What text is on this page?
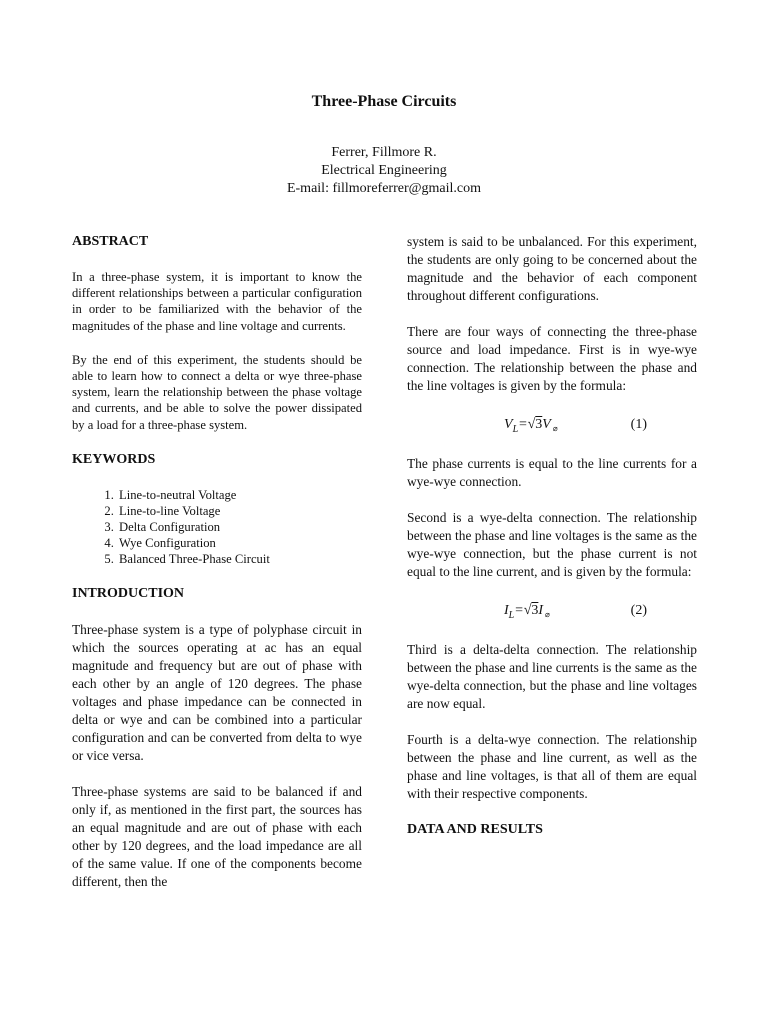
Three-Phase Circuits
Ferrer, Fillmore R.
Electrical Engineering
E-mail: fillmoreferrer@gmail.com
ABSTRACT

In a three-phase system, it is important to know the different relationships between a particular configuration in order to be familiarized with the behavior of the magnitudes of the phase and line voltage and currents.

By the end of this experiment, the students should be able to learn how to connect a delta or wye three-phase system, learn the relationship between the phase voltage and currents, and be able to solve the power dissipated by a load for a three-phase system.

KEYWORDS
1. Line-to-neutral Voltage
2. Line-to-line Voltage
3. Delta Configuration
4. Wye Configuration
5. Balanced Three-Phase Circuit
INTRODUCTION

Three-phase system is a type of polyphase circuit in which the sources operating at ac has an equal magnitude and frequency but are out of phase with each other by an angle of 120 degrees. The phase voltages and phase impedance can be connected in delta or wye and can be combined into a particular configuration and can be converted from delta to wye or vice versa.

Three-phase systems are said to be balanced if and only if, as mentioned in the first part, the sources has an equal magnitude and are out of phase with each other by 120 degrees, and the load impedance are all of the same value. If one of the components become different, then the

system is said to be unbalanced. For this experiment, the students are only going to be concerned about the magnitude and the behavior of each component throughout different configurations.

There are four ways of connecting the three-phase source and load impedance. First is in wye-wye connection. The relationship between the phase and the line voltages is given by the formula:

$V_L=√3V$ $_⌀$	(1)

The phase currents is equal to the line currents for a wye-wye connection.

Second is a wye-delta connection. The relationship between the phase and line voltages is the same as the wye-wye connection, but the phase current is not equal to the line current, and is given by the formula:

$I_L=√3I$ $_⌀$	(2)

Third is a delta-delta connection. The relationship between the phase and line currents is the same as the wye-delta connection, but the phase and line voltages are now equal.

Fourth is a delta-wye connection. The relationship between the phase and line current, as well as the phase and line voltages, is that all of them are equal with their respective components.

DATA AND RESULTS
